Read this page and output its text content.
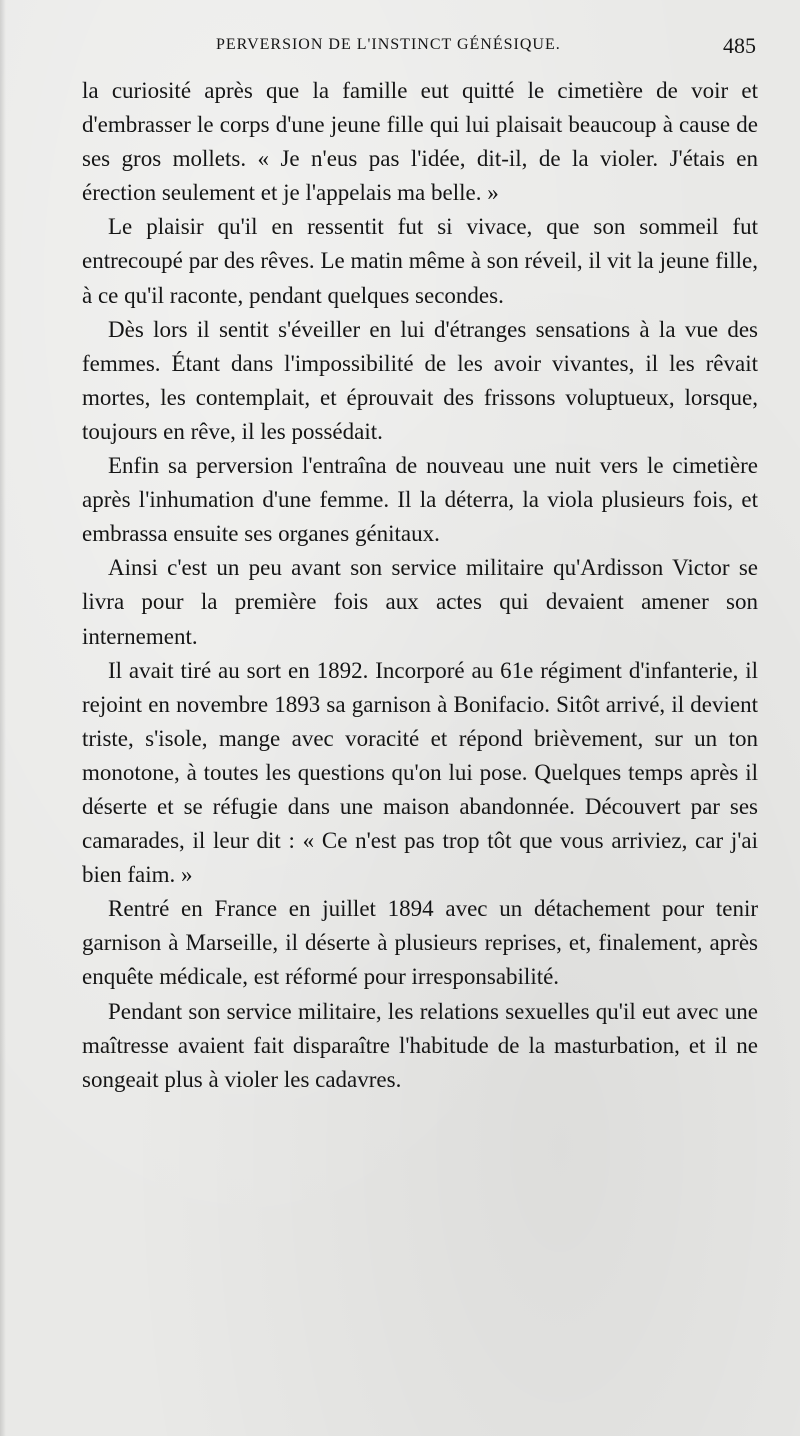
PERVERSION DE L'INSTINCT GÉNÉSIQUE.	485

la curiosité après que la famille eut quitté le cimetière de voir et d'embrasser le corps d'une jeune fille qui lui plaisait beaucoup à cause de ses gros mollets. « Je n'eus pas l'idée, dit-il, de la violer. J'étais en érection seulement et je l'appelais ma belle. »

Le plaisir qu'il en ressentit fut si vivace, que son sommeil fut entrecoupé par des rêves. Le matin même à son réveil, il vit la jeune fille, à ce qu'il raconte, pendant quelques secondes.

Dès lors il sentit s'éveiller en lui d'étranges sensations à la vue des femmes. Étant dans l'impossibilité de les avoir vivantes, il les rêvait mortes, les contemplait, et éprouvait des frissons voluptueux, lorsque, toujours en rêve, il les possédait.

Enfin sa perversion l'entraîna de nouveau une nuit vers le cimetière après l'inhumation d'une femme. Il la déterra, la viola plusieurs fois, et embrassa ensuite ses organes génitaux.

Ainsi c'est un peu avant son service militaire qu'Ardisson Victor se livra pour la première fois aux actes qui devaient amener son internement.

Il avait tiré au sort en 1892. Incorporé au 61e régiment d'infanterie, il rejoint en novembre 1893 sa garnison à Bonifacio. Sitôt arrivé, il devient triste, s'isole, mange avec voracité et répond brièvement, sur un ton monotone, à toutes les questions qu'on lui pose. Quelques temps après il déserte et se réfugie dans une maison abandonnée. Découvert par ses camarades, il leur dit : « Ce n'est pas trop tôt que vous arriviez, car j'ai bien faim. »

Rentré en France en juillet 1894 avec un détachement pour tenir garnison à Marseille, il déserte à plusieurs reprises, et, finalement, après enquête médicale, est réformé pour irresponsabilité.

Pendant son service militaire, les relations sexuelles qu'il eut avec une maîtresse avaient fait disparaître l'habitude de la masturbation, et il ne songeait plus à violer les cadavres.
